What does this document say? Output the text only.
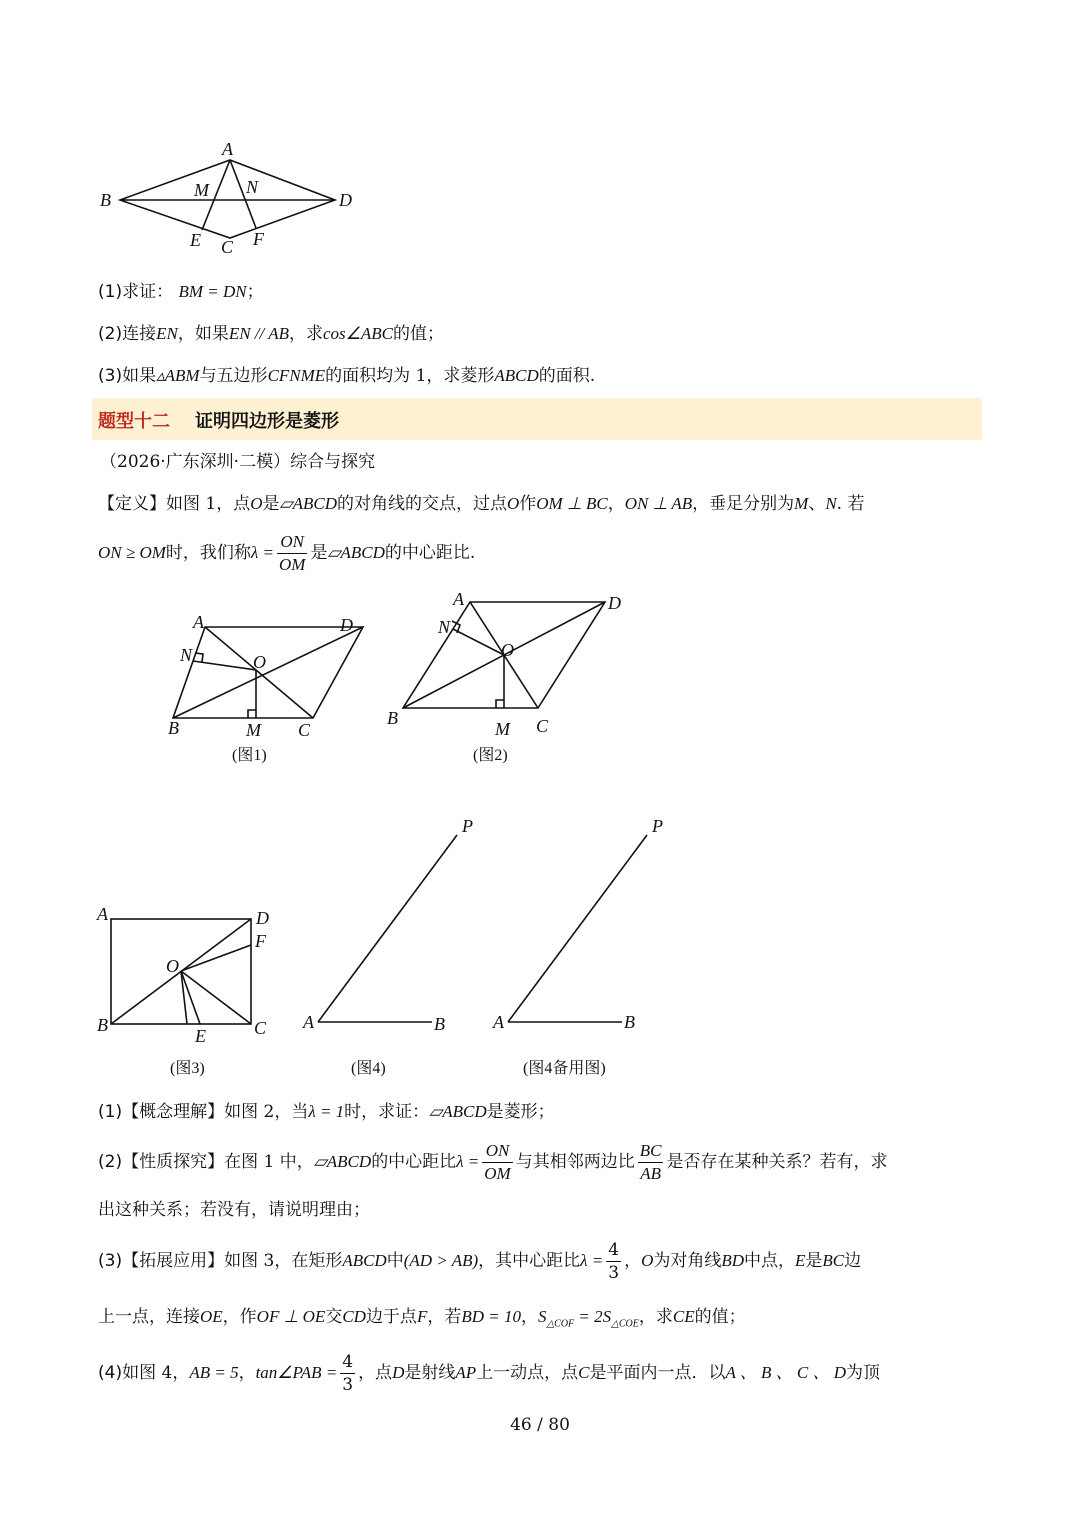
A
B	D
M N
E C F
(1)求证： BM = DN；
(2)连接EN，如果EN // AB，求cos∠ABC的值；
(3)如果▵ABM与五边形CFNME的面积均为 1，求菱形ABCD的面积.
题型十二 证明四边形是菱形
（2026·广东深圳·二模）综合与探究
【定义】如图 1，点O是▱ABCD的对角线的交点，过点O作OM ⊥ BC，ON ⊥ AB，垂足分别为M、N. 若
ON ≥ OM时，我们称$\lambda = \frac{ON}{OM}$ 是▱ABCD的中心距比.
A	D
B	C
M
N	O
(图1)
A	D
B	C
M
N
O
(图2)
A	D
F
O
B	C
E
(图3)
P
A	B
(图4)
P
A	B
(图4备用图)
(1)【概念理解】如图 2，当λ = 1时，求证：▱ABCD是菱形；
(2)【性质探究】在图 1 中，▱ABCD的中心距比$\lambda = \frac{ON}{OM}$ 与其相邻两边比 $\frac{BC}{AB}$ 是否存在某种关系？若有，求
出这种关系；若没有，请说明理由；
(3)【拓展应用】如图 3，在矩形ABCD中(AD > AB)，其中心距比$\lambda = \frac{4}{3}$ ，O为对角线BD中点，E是BC边
上一点，连接OE，作OF ⊥ OE交CD边于点F，若BD = 10，$S_{\triangle COF} = 2S_{\triangle COE}$，求CE的值；
(4)如图 4，AB = 5，tan∠PAB = $\frac{4}{3}$ ，点D是射线AP上一动点，点C是平面内一点．以A 、 B 、 C 、 D为顶
46 / 80
